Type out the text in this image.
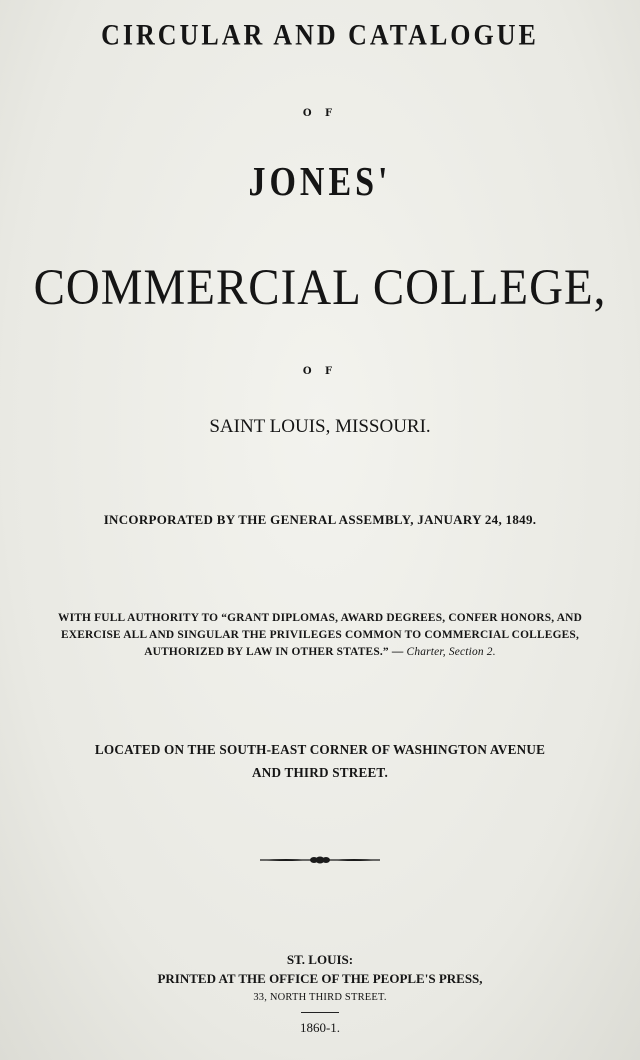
CIRCULAR AND CATALOGUE
O F
JONES'
COMMERCIAL COLLEGE,
O F
SAINT LOUIS, MISSOURI.
INCORPORATED BY THE GENERAL ASSEMBLY, JANUARY 24, 1849.
WITH FULL AUTHORITY TO “GRANT DIPLOMAS, AWARD DEGREES, CONFER HONORS, AND
EXERCISE ALL AND SINGULAR THE PRIVILEGES COMMON TO COMMERCIAL COLLEGES,
AUTHORIZED BY LAW IN OTHER STATES.” — Charter, Section 2.
LOCATED ON THE SOUTH-EAST CORNER OF WASHINGTON AVENUE
AND THIRD STREET.
ST. LOUIS:
PRINTED AT THE OFFICE OF THE PEOPLE'S PRESS,
33, NORTH THIRD STREET.
1860-1.
